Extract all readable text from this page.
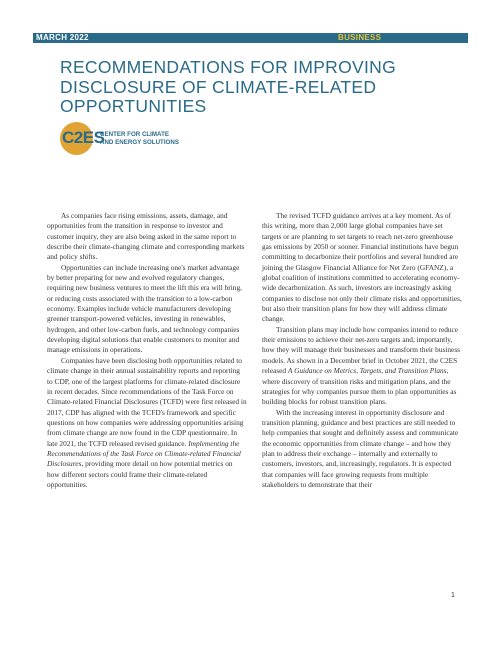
MARCH 2022	BUSINESS
RECOMMENDATIONS FOR IMPROVING
DISCLOSURE OF CLIMATE-RELATED
OPPORTUNITIES
C2ES
CENTER FOR CLIMATE
AND ENERGY SOLUTIONS

As companies face rising emissions, assets, damage, and opportunities from the transition in response to investor and customer inquiry, they are also being asked in the same report to describe their climate-changing climate and corresponding markets and policy shifts.

Opportunities can include increasing one's market advantage by better preparing for new and evolved regulatory changes, requiring new business ventures to meet the lift this era will bring, or reducing costs associated with the transition to a low-carbon economy. Examples include vehicle manufacturers developing greener transport-powered vehicles, investing in renewables, hydrogen, and other low-carbon fuels, and technology companies developing digital solutions that enable customers to monitor and manage emissions in operations.

Companies have been disclosing both opportunities related to climate change in their annual sustainability reports and reporting to CDP, one of the largest platforms for climate-related disclosure in recent decades. Since recommendations of the Task Force on Climate-related Financial Disclosures (TCFD) were first released in 2017, CDP has aligned with the TCFD's framework and specific questions on how companies were addressing opportunities arising from climate change are now found in the CDP questionnaire. In late 2021, the TCFD released revised guidance. Implementing the Recommendations of the Task Force on Climate-related Financial Disclosures, providing more detail on how potential metrics on how different sectors could frame their climate-related opportunities.

The revised TCFD guidance arrives at a key moment. As of this writing, more than 2,000 large global companies have set targets or are planning to set targets to reach net-zero greenhouse gas emissions by 2050 or sooner. Financial institutions have begun committing to decarbonize their portfolios and several hundred are joining the Glasgow Financial Alliance for Net Zero (GFANZ), a global coalition of institutions committed to accelerating economy-wide decarbonization. As such, investors are increasingly asking companies to disclose not only their climate risks and opportunities, but also their transition plans for how they will address climate change.

Transition plans may include how companies intend to reduce their emissions to achieve their net-zero targets and, importantly, how they will manage their businesses and transform their business models. As shown in a December brief in October 2021, the C2ES released A Guidance on Metrics, Targets, and Transition Plans, where discovery of transition risks and mitigation plans, and the strategies for why companies pursue them to plan opportunities as building blocks for robust transition plans.

With the increasing interest in opportunity disclosure and transition planning, guidance and best practices are still needed to help companies that sought and definitely assess and communicate the economic opportunities from climate change – and how they plan to address their exchange – internally and externally to customers, investors, and, increasingly, regulators. It is expected that companies will face growing requests from multiple stakeholders to demonstrate that their

1
